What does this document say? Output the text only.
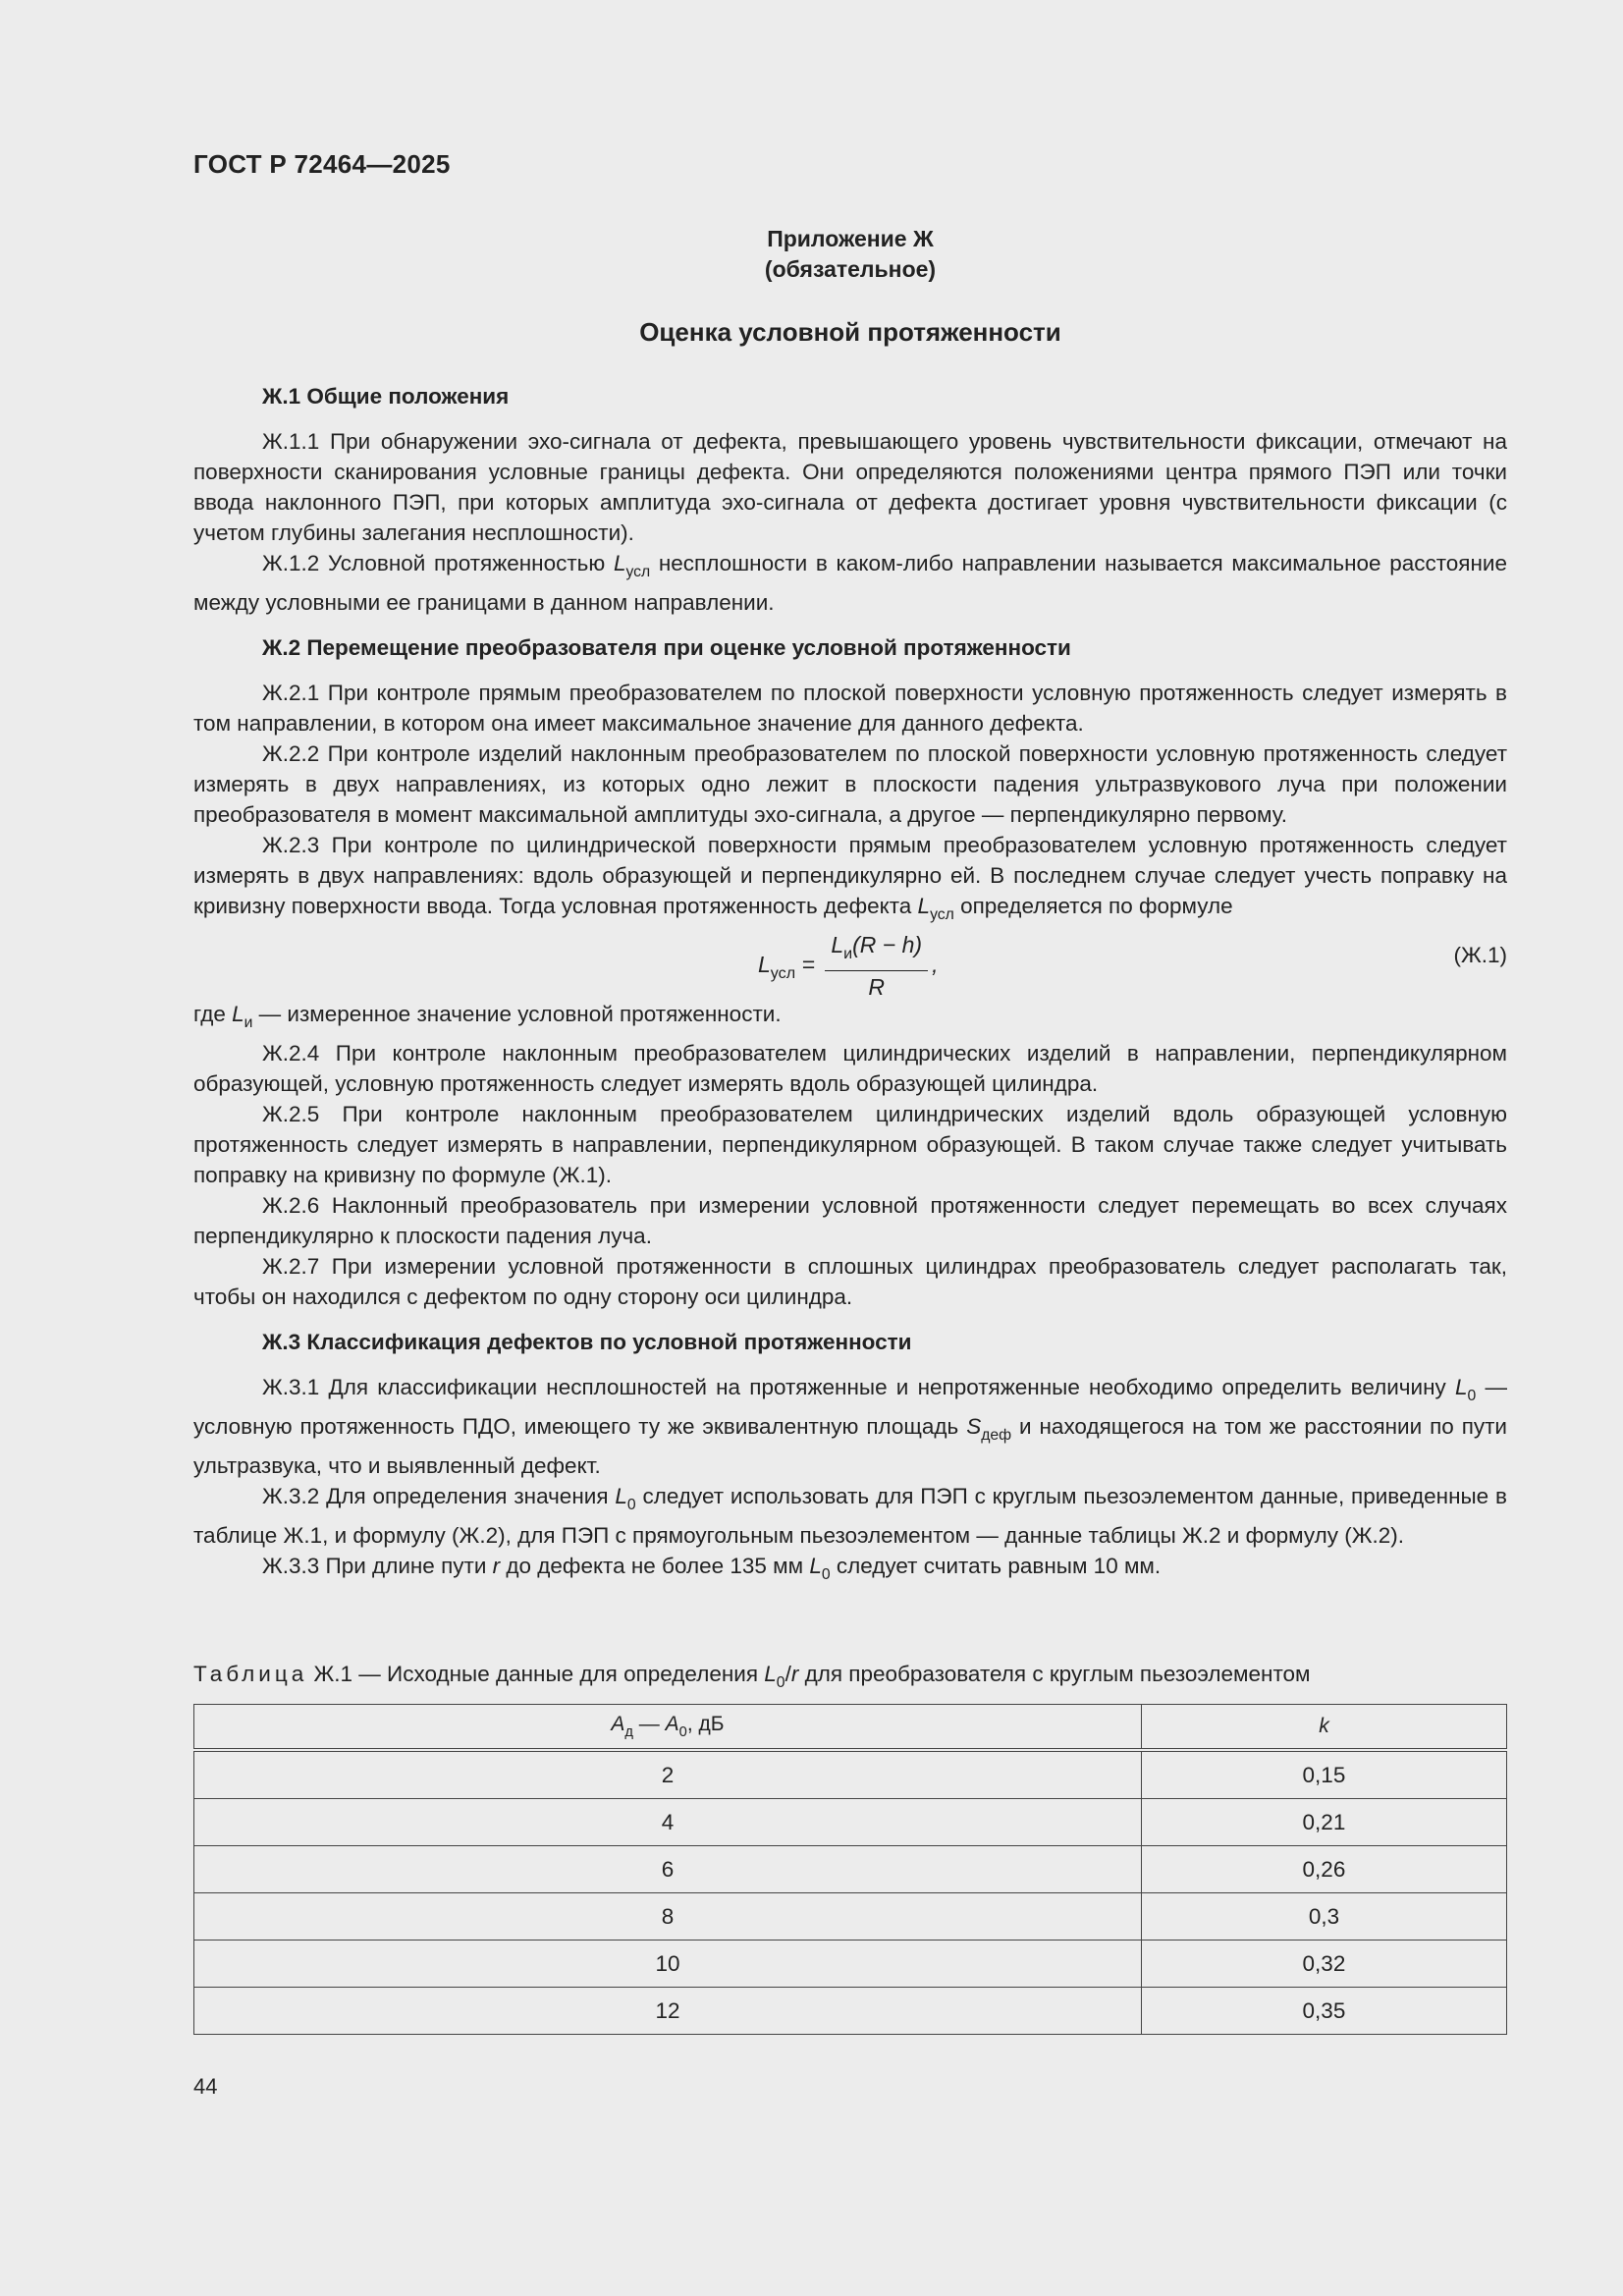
ГОСТ Р 72464—2025
Приложение Ж
(обязательное)
Оценка условной протяженности

Ж.1 Общие положения

Ж.1.1 При обнаружении эхо-сигнала от дефекта, превышающего уровень чувствительности фиксации, отмечают на поверхности сканирования условные границы дефекта. Они определяются положениями центра прямого ПЭП или точки ввода наклонного ПЭП, при которых амплитуда эхо-сигнала от дефекта достигает уровня чувствительности фиксации (с учетом глубины залегания несплошности).

Ж.1.2 Условной протяженностью $L_{усл}$ несплошности в каком-либо направлении называется максимальное расстояние между условными ее границами в данном направлении.

Ж.2 Перемещение преобразователя при оценке условной протяженности

Ж.2.1 При контроле прямым преобразователем по плоской поверхности условную протяженность следует измерять в том направлении, в котором она имеет максимальное значение для данного дефекта.

Ж.2.2 При контроле изделий наклонным преобразователем по плоской поверхности условную протяженность следует измерять в двух направлениях, из которых одно лежит в плоскости падения ультразвукового луча при положении преобразователя в момент максимальной амплитуды эхо-сигнала, а другое — перпендикулярно первому.

Ж.2.3 При контроле по цилиндрической поверхности прямым преобразователем условную протяженность следует измерять в двух направлениях: вдоль образующей и перпендикулярно ей. В последнем случае следует учесть поправку на кривизну поверхности ввода. Тогда условная протяженность дефекта $L_{усл}$ определяется по формуле

$L_{усл} = \frac{L_и(R - h)}{R}$ ,	(Ж.1)

где $L_и$ — измеренное значение условной протяженности.

Ж.2.4 При контроле наклонным преобразователем цилиндрических изделий в направлении, перпендикулярном образующей, условную протяженность следует измерять вдоль образующей цилиндра.

Ж.2.5 При контроле наклонным преобразователем цилиндрических изделий вдоль образующей условную протяженность следует измерять в направлении, перпендикулярном образующей. В таком случае также следует учитывать поправку на кривизну по формуле (Ж.1).

Ж.2.6 Наклонный преобразователь при измерении условной протяженности следует перемещать во всех случаях перпендикулярно к плоскости падения луча.

Ж.2.7 При измерении условной протяженности в сплошных цилиндрах преобразователь следует располагать так, чтобы он находился с дефектом по одну сторону оси цилиндра.

Ж.3 Классификация дефектов по условной протяженности

Ж.3.1 Для классификации несплошностей на протяженные и непротяженные необходимо определить величину $L_0$ — условную протяженность ПДО, имеющего ту же эквивалентную площадь $S_{деф}$ и находящегося на том же расстоянии по пути ультразвука, что и выявленный дефект.

Ж.3.2 Для определения значения $L_0$ следует использовать для ПЭП с круглым пьезоэлементом данные, приведенные в таблице Ж.1, и формулу (Ж.2), для ПЭП с прямоугольным пьезоэлементом — данные таблицы Ж.2 и формулу (Ж.2).

Ж.3.3 При длине пути r до дефекта не более 135 мм $L_0$ следует считать равным 10 мм.

Таблица Ж.1 — Исходные данные для определения $L_0/r$ для преобразователя с круглым пьезоэлементом
$A_д$ — $A_0$, дБ	k
2	0,15
4	0,21
6	0,26
8	0,3
10	0,32
12	0,35
44
